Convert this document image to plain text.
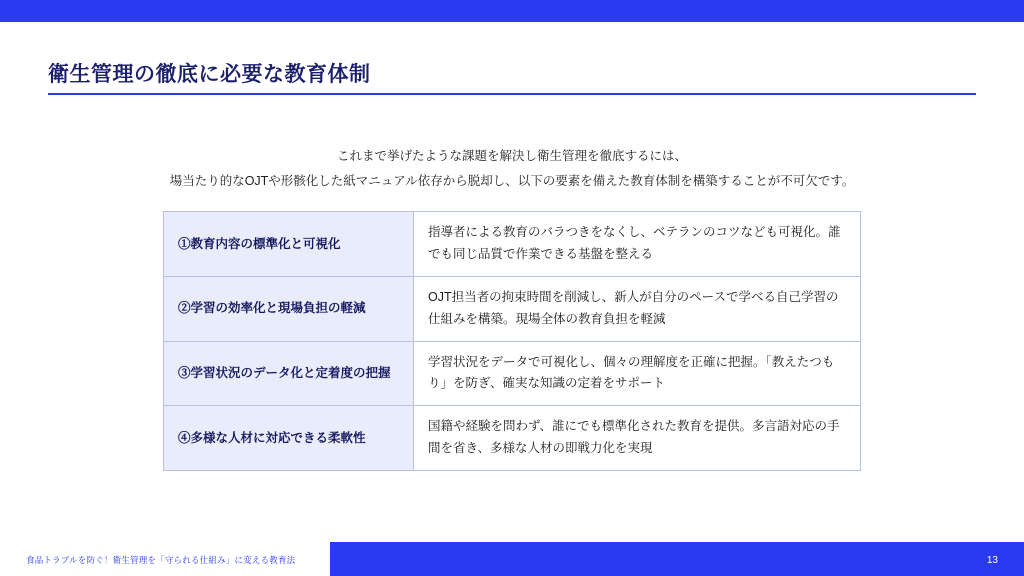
衛生管理の徹底に必要な教育体制
これまで挙げたような課題を解決し衛生管理を徹底するには、
場当たり的なOJTや形骸化した紙マニュアル依存から脱却し、以下の要素を備えた教育体制を構築することが不可欠です。
①教育内容の標準化と可視化	指導者による教育のバラつきをなくし、ベテランのコツなども可視化。誰でも同じ品質で作業できる基盤を整える
②学習の効率化と現場負担の軽減	OJT担当者の拘束時間を削減し、新人が自分のペースで学べる自己学習の仕組みを構築。現場全体の教育負担を軽減
③学習状況のデータ化と定着度の把握	学習状況をデータで可視化し、個々の理解度を正確に把握。「教えたつもり」を防ぎ、確実な知識の定着をサポート
④多様な人材に対応できる柔軟性	国籍や経験を問わず、誰にでも標準化された教育を提供。多言語対応の手間を省き、多様な人材の即戦力化を実現
食品トラブルを防ぐ！衛生管理を「守られる仕組み」に変える教育法	13
